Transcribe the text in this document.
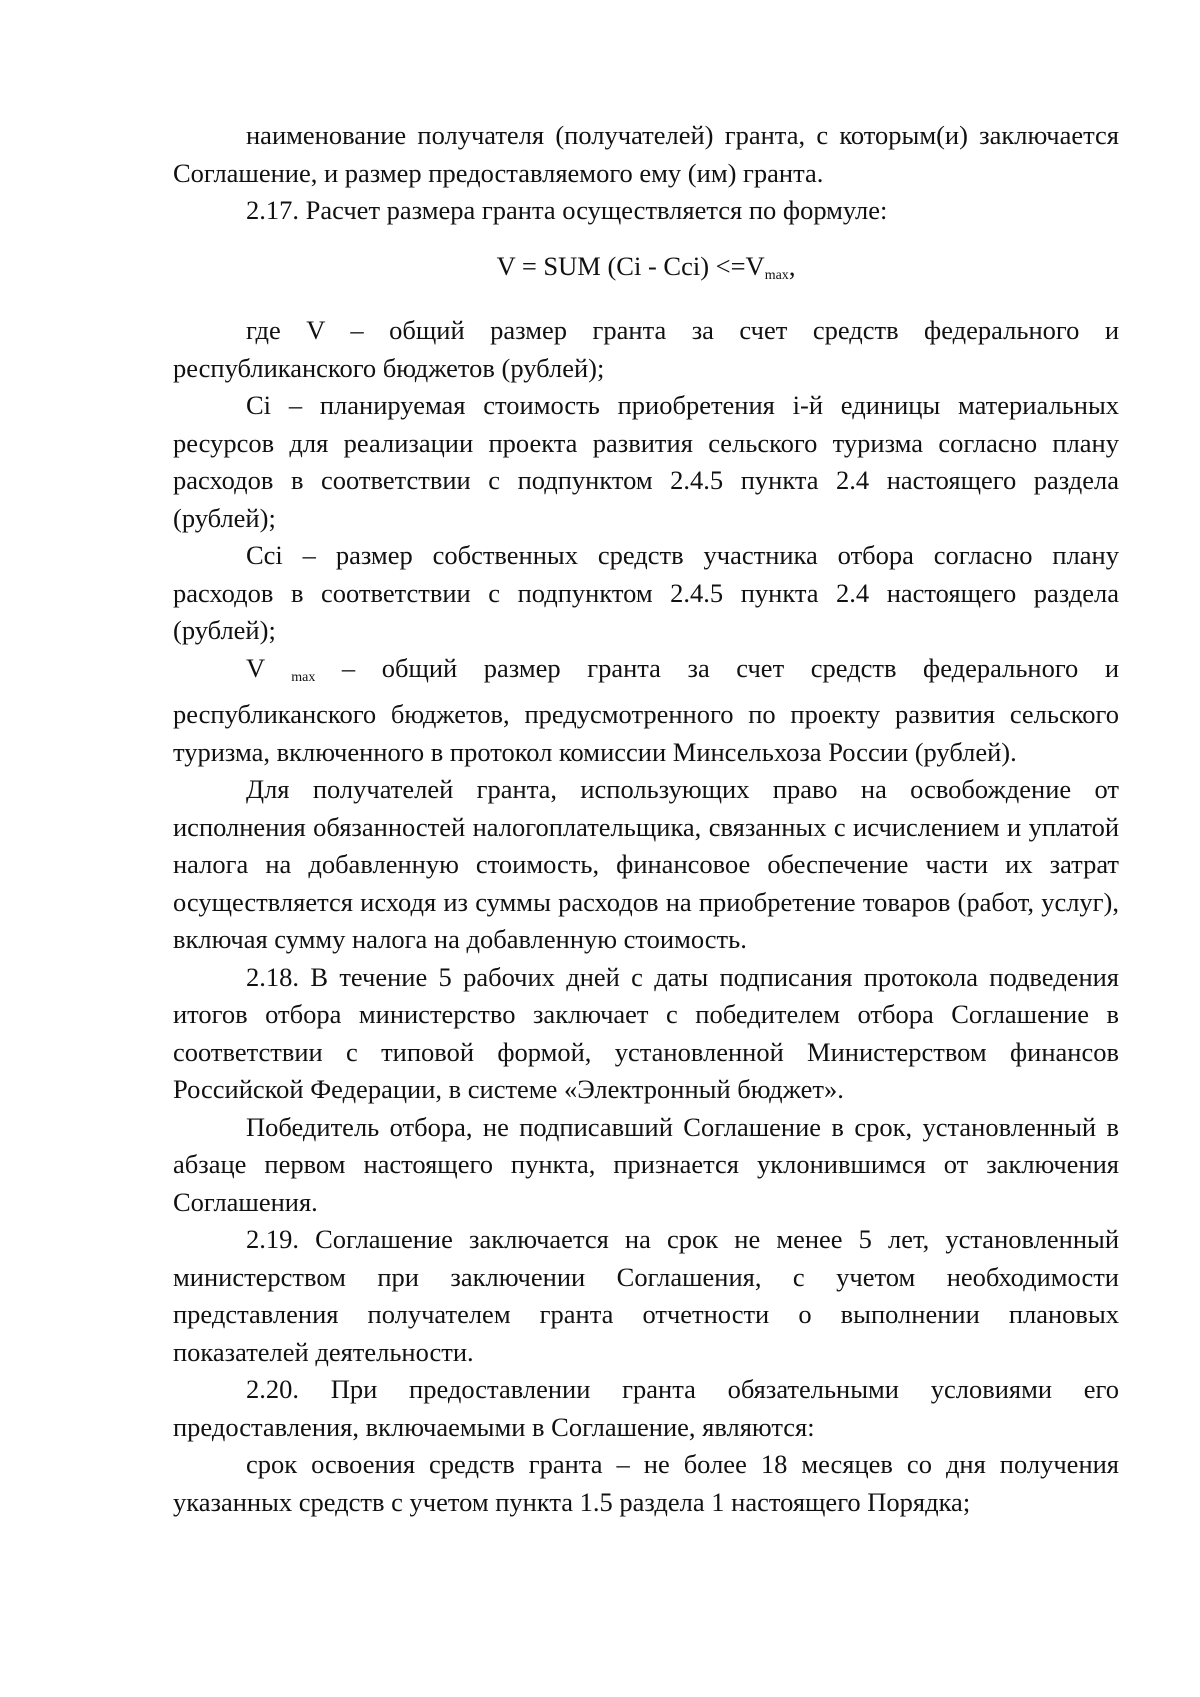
наименование получателя (получателей) гранта, с которым(и) заключается Соглашение, и размер предоставляемого ему (им) гранта.

2.17. Расчет размера гранта осуществляется по формуле:

V = SUM $(Ci - Cci) <=V_{max}$,

где V – общий размер гранта за счет средств федерального и республиканского бюджетов (рублей);

Ci – планируемая стоимость приобретения i-й единицы материальных ресурсов для реализации проекта развития сельского туризма согласно плану расходов в соответствии с подпунктом 2.4.5 пункта 2.4 настоящего раздела (рублей);

Cci – размер собственных средств участника отбора согласно плану расходов в соответствии с подпунктом 2.4.5 пункта 2.4 настоящего раздела (рублей);

V $_{max}$ – общий размер гранта за счет средств федерального и республиканского бюджетов, предусмотренного по проекту развития сельского туризма, включенного в протокол комиссии Минсельхоза России (рублей).

Для получателей гранта, использующих право на освобождение от исполнения обязанностей налогоплательщика, связанных с исчислением и уплатой налога на добавленную стоимость, финансовое обеспечение части их затрат осуществляется исходя из суммы расходов на приобретение товаров (работ, услуг), включая сумму налога на добавленную стоимость.

2.18. В течение 5 рабочих дней с даты подписания протокола подведения итогов отбора министерство заключает с победителем отбора Соглашение в соответствии с типовой формой, установленной Министерством финансов Российской Федерации, в системе «Электронный бюджет».

Победитель отбора, не подписавший Соглашение в срок, установленный в абзаце первом настоящего пункта, признается уклонившимся от заключения Соглашения.

2.19. Соглашение заключается на срок не менее 5 лет, установленный министерством при заключении Соглашения, с учетом необходимости представления получателем гранта отчетности о выполнении плановых показателей деятельности.

2.20. При предоставлении гранта обязательными условиями его предоставления, включаемыми в Соглашение, являются:

срок освоения средств гранта – не более 18 месяцев со дня получения указанных средств с учетом пункта 1.5 раздела 1 настоящего Порядка;
